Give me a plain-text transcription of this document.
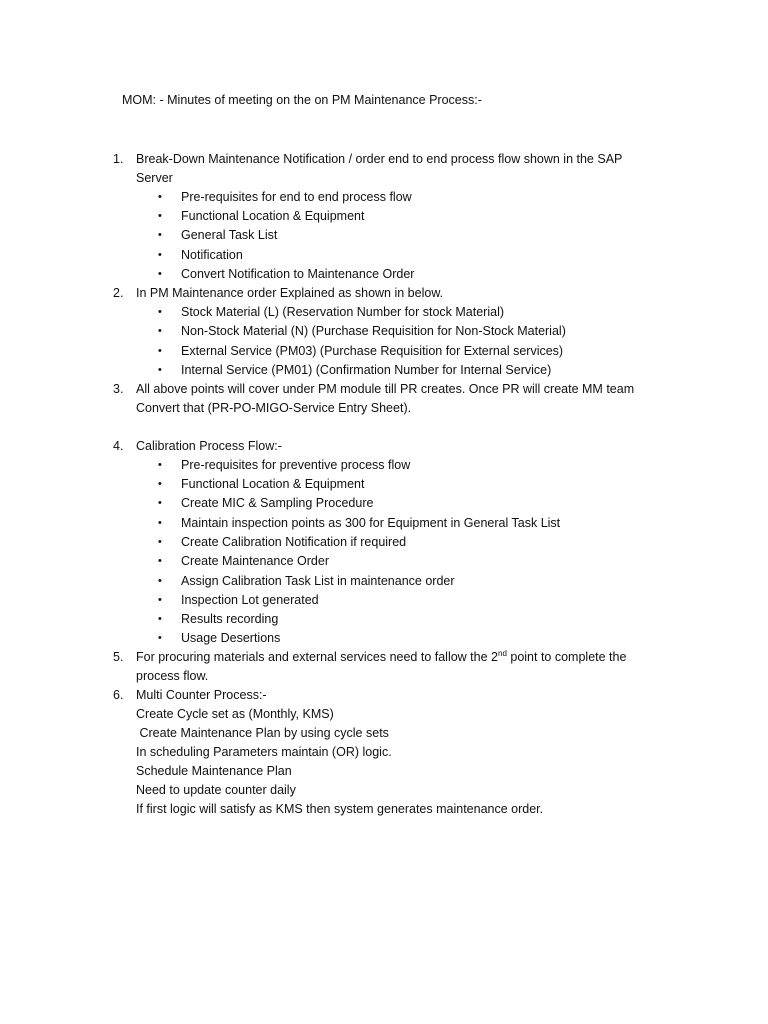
MOM: - Minutes of meeting on the on PM Maintenance Process:-
1.	Break-Down Maintenance Notification / order end to end process flow shown in the SAP
Server
• Pre-requisites for end to end process flow
• Functional Location & Equipment
• General Task List
• Notification
• Convert Notification to Maintenance Order
2.	In PM Maintenance order Explained as shown in below.
• Stock Material (L) (Reservation Number for stock Material)
• Non-Stock Material (N) (Purchase Requisition for Non-Stock Material)
• External Service (PM03) (Purchase Requisition for External services)
• Internal Service (PM01) (Confirmation Number for Internal Service)
3.	All above points will cover under PM module till PR creates. Once PR will create MM team
Convert that (PR-PO-MIGO-Service Entry Sheet).
4.	Calibration Process Flow:-
• Pre-requisites for preventive process flow
• Functional Location & Equipment
• Create MIC & Sampling Procedure
• Maintain inspection points as 300 for Equipment in General Task List
• Create Calibration Notification if required
• Create Maintenance Order
• Assign Calibration Task List in maintenance order
• Inspection Lot generated
• Results recording
• Usage Desertions
5.	For procuring materials and external services need to fallow the 2nd point to complete the
process flow.
6.	Multi Counter Process:-
Create Cycle set as (Monthly, KMS)
Create Maintenance Plan by using cycle sets
In scheduling Parameters maintain (OR) logic.
Schedule Maintenance Plan
Need to update counter daily
If first logic will satisfy as KMS then system generates maintenance order.
